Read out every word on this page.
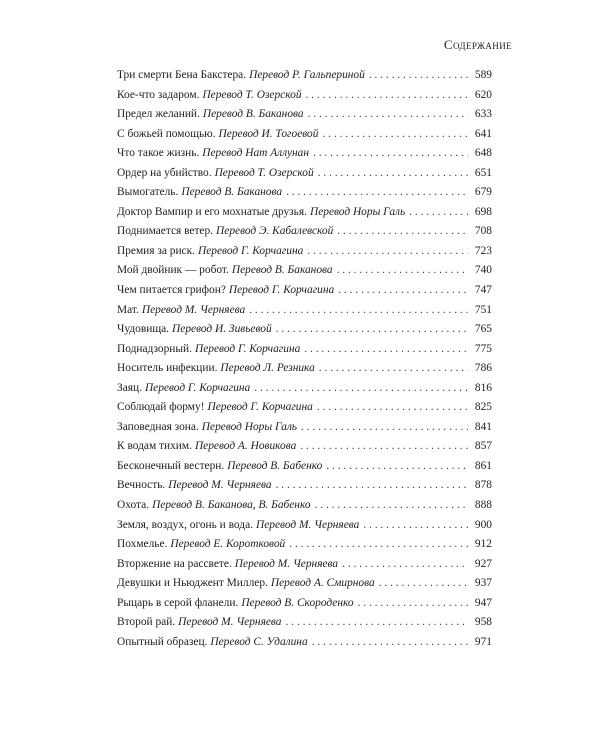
Содержание
Три смерти Бена Бакстера. Перевод Р. Гальпериной . . .	589
Кое-что задаром. Перевод Т. Озерской . . .	620
Предел желаний. Перевод В. Баканова . . .	633
С божьей помощью. Перевод И. Тогоевой . . .	641
Что такое жизнь. Перевод Нат Аллунан . . .	648
Ордер на убийство. Перевод Т. Озерской . . .	651
Вымогатель. Перевод В. Баканова . . .	679
Доктор Вампир и его мохнатые друзья. Перевод Норы Галь . . .	698
Поднимается ветер. Перевод Э. Кабалевской . . .	708
Премия за риск. Перевод Г. Корчагина . . .	723
Мой двойник — робот. Перевод В. Баканова . . .	740
Чем питается грифон? Перевод Г. Корчагина . . .	747
Мат. Перевод М. Черняева . . .	751
Чудовища. Перевод И. Зивьевой . . .	765
Поднадзорный. Перевод Г. Корчагина . . .	775
Носитель инфекции. Перевод Л. Резника . . .	786
Заяц. Перевод Г. Корчагина . . .	816
Соблюдай форму! Перевод Г. Корчагина . . .	825
Заповедная зона. Перевод Норы Галь . . .	841
К водам тихим. Перевод А. Новикова . . .	857
Бесконечный вестерн. Перевод В. Бабенко . . .	861
Вечность. Перевод М. Черняева . . .	878
Охота. Перевод В. Баканова, В. Бабенко . . .	888
Земля, воздух, огонь и вода. Перевод М. Черняева . . .	900
Похмелье. Перевод Е. Коротковой . . .	912
Вторжение на рассвете. Перевод М. Черняева . . .	927
Девушки и Ньюджент Миллер. Перевод А. Смирнова . . .	937
Рыцарь в серой фланели. Перевод В. Скороденко . . .	947
Второй рай. Перевод М. Черняева . . .	958
Опытный образец. Перевод С. Удалина . . .	971
